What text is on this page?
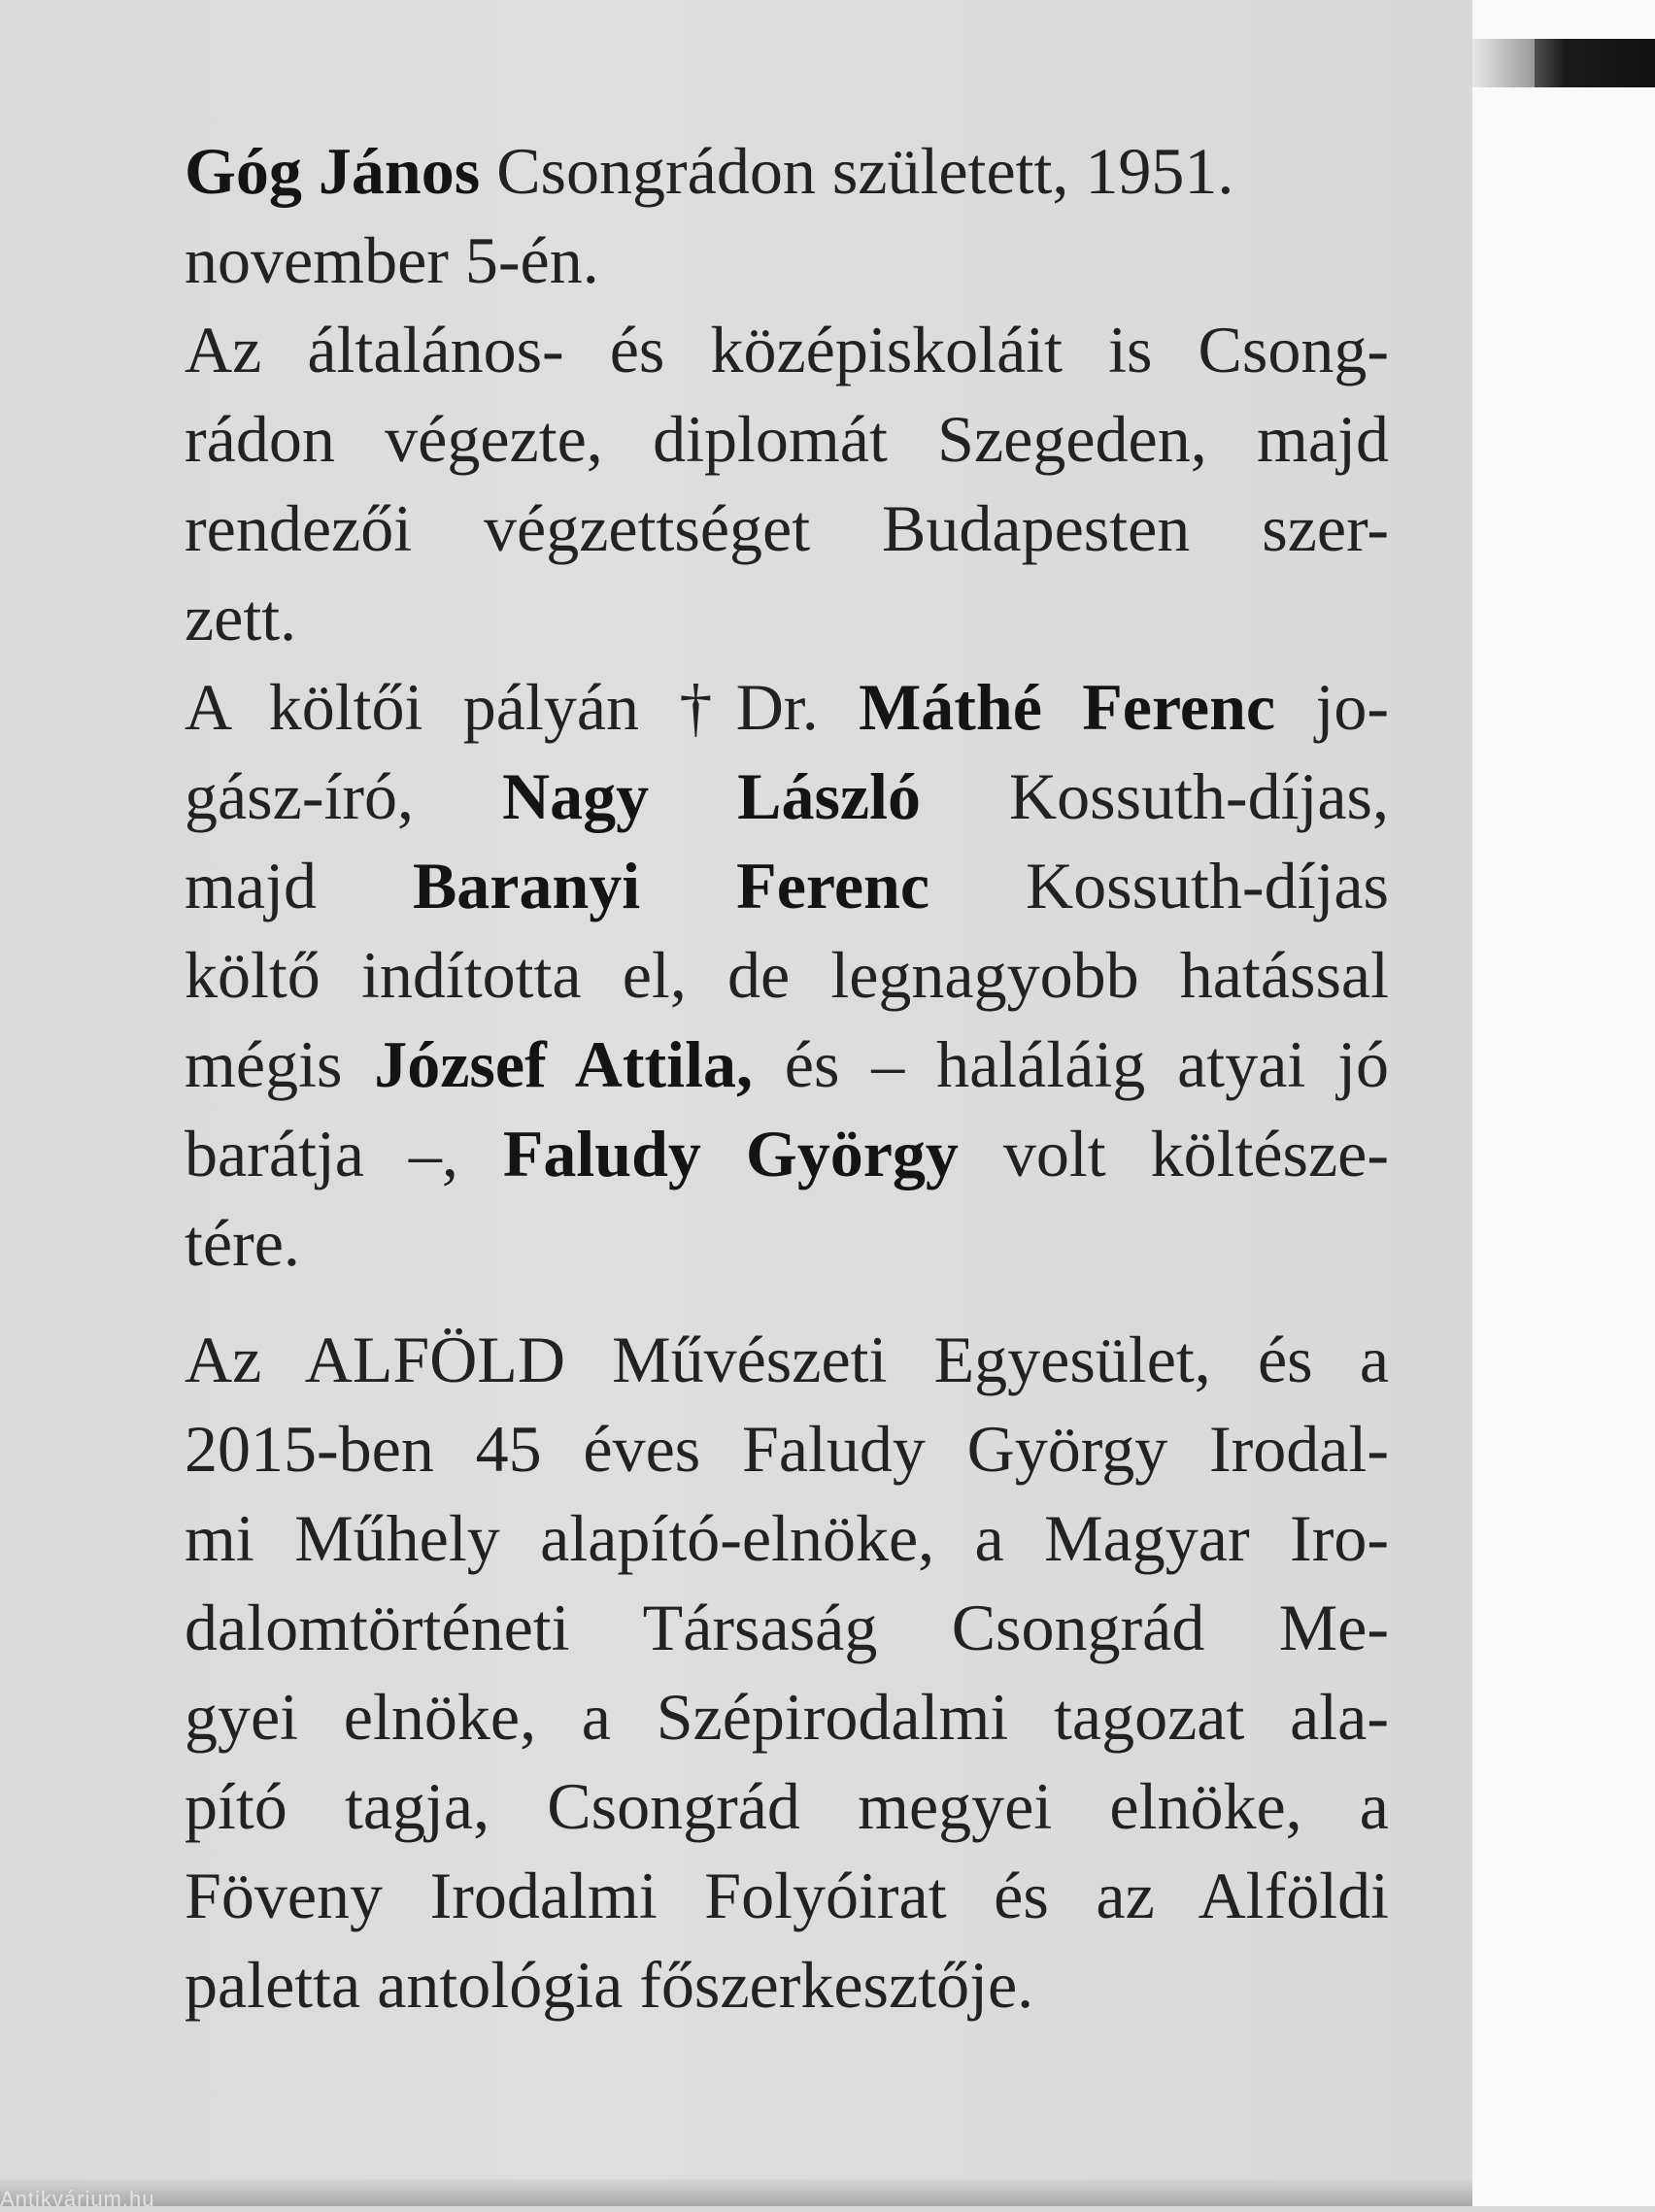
Antikvárium.hu
Góg János Csongrádon született, 1951.
november 5-én.
Az általános- és középiskoláit is Csong-
rádon végezte, diplomát Szegeden, majd
rendezői végzettséget Budapesten szer-
zett.
A költői pályán †Dr. Máthé Ferenc jo-
gász-író, Nagy László Kossuth-díjas,
majd Baranyi Ferenc Kossuth-díjas
költő indította el, de legnagyobb hatással
mégis József Attila, és – haláláig atyai jó
barátja –, Faludy György volt költésze-
tére.
Az ALFÖLD Művészeti Egyesület, és a
2015-ben 45 éves Faludy György Irodal-
mi Műhely alapító-elnöke, a Magyar Iro-
dalomtörténeti Társaság Csongrád Me-
gyei elnöke, a Szépirodalmi tagozat ala-
pító tagja, Csongrád megyei elnöke, a
Föveny Irodalmi Folyóirat és az Alföldi
paletta antológia főszerkesztője.
